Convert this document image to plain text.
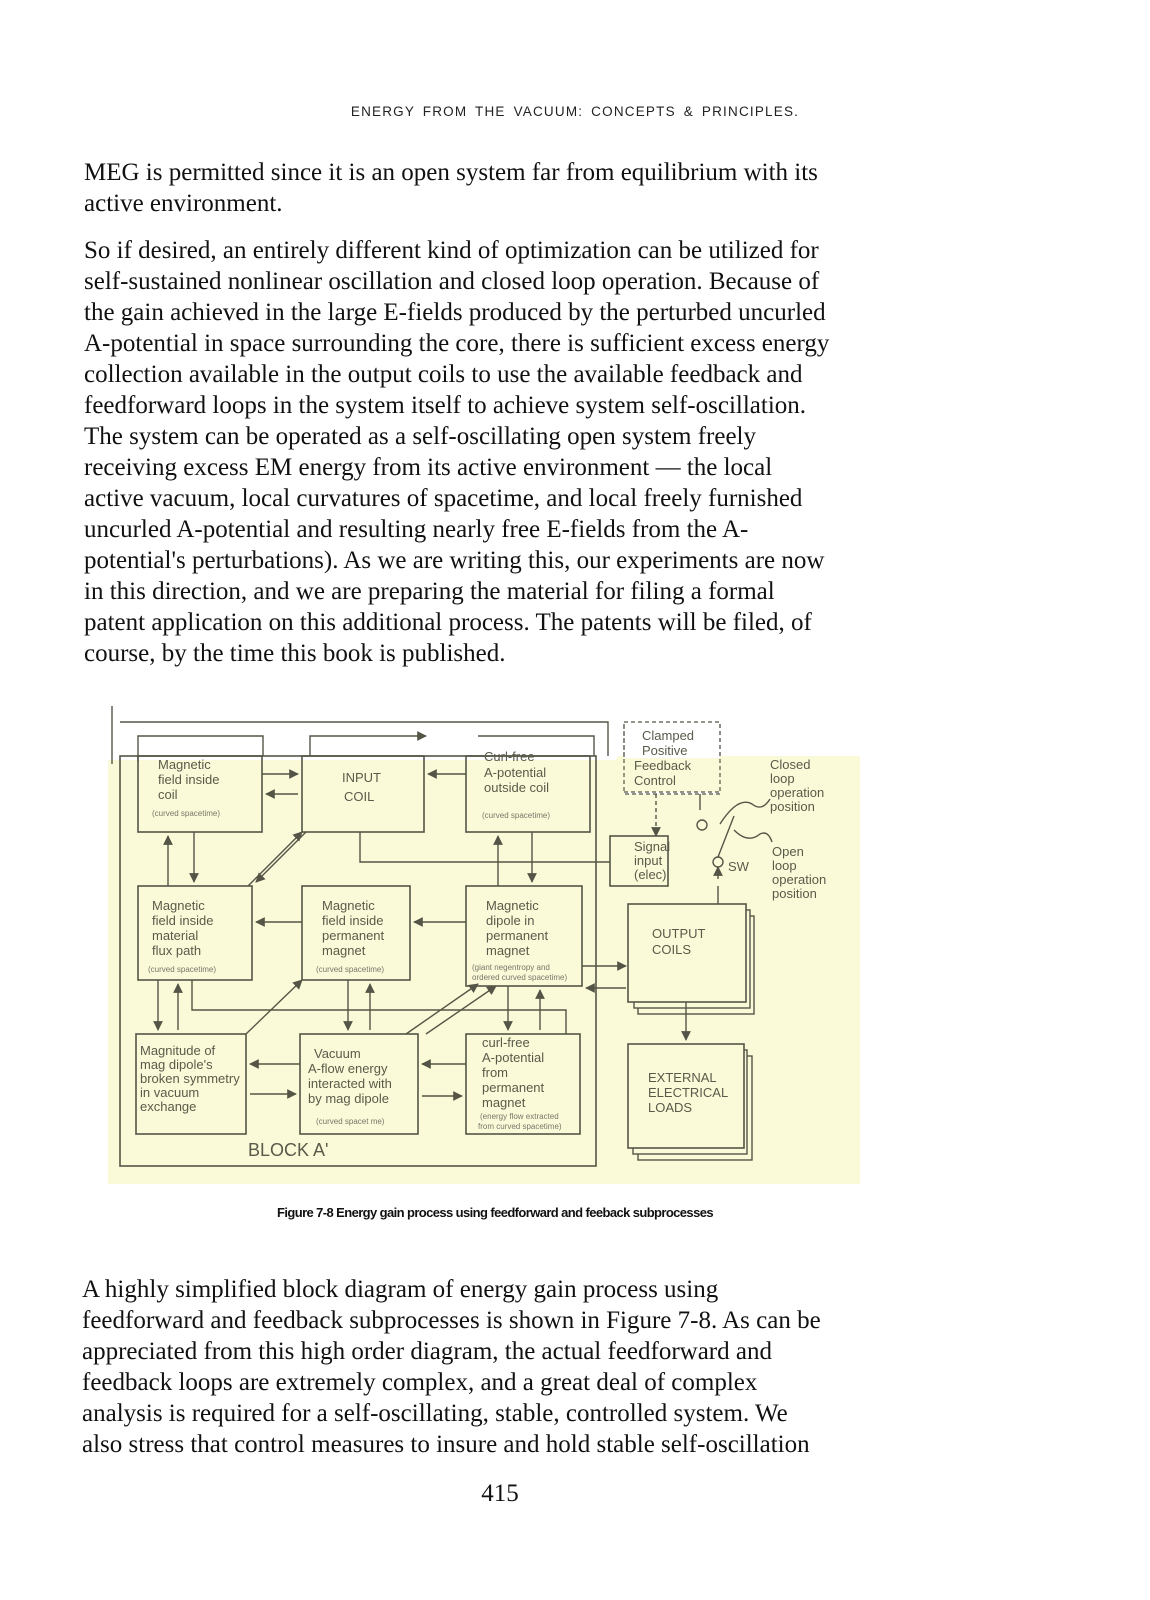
ENERGY FROM THE VACUUM: CONCEPTS & PRINCIPLES.

MEG is permitted since it is an open system far from equilibrium with its
active environment.

So if desired, an entirely different kind of optimization can be utilized for
self-sustained nonlinear oscillation and closed loop operation. Because of
the gain achieved in the large E-fields produced by the perturbed uncurled
A-potential in space surrounding the core, there is sufficient excess energy
collection available in the output coils to use the available feedback and
feedforward loops in the system itself to achieve system self-oscillation.
The system can be operated as a self-oscillating open system freely
receiving excess EM energy from its active environment — the local
active vacuum, local curvatures of spacetime, and local freely furnished
uncurled A-potential and resulting nearly free E-fields from the A-
potential's perturbations). As we are writing this, our experiments are now
in this direction, and we are preparing the material for filing a formal
patent application on this additional process. The patents will be filed, of
course, by the time this book is published.

Magnetic
field inside
coil
(curved spacetime)
INPUT
COIL
Curl-free
A-potential
outside coil
(curved spacetime)
Clamped
Positive
Feedback
Control
Closed
loop
operation
position
SW
Signal
input
(elec)
Open
loop
operation
position
Magnetic
field inside
material
flux path
(curved spacetime)
Magnetic
field inside
permanent
magnet
(curved spacetime)
Magnetic
dipole in
permanent
magnet
(giant negentropy and
ordered curved spacetime)
OUTPUT
COILS
Magnitude of
mag dipole's
broken symmetry
in vacuum
exchange
Vacuum
A-flow energy
interacted with
by mag dipole
(curved spacet me)
curl-free
A-potential
from
permanent
magnet
(energy flow extracted
from curved spacetime)
EXTERNAL
ELECTRICAL
LOADS
BLOCK A'
Figure 7-8 Energy gain process using feedforward and feeback subprocesses

A highly simplified block diagram of energy gain process using
feedforward and feedback subprocesses is shown in Figure 7-8. As can be
appreciated from this high order diagram, the actual feedforward and
feedback loops are extremely complex, and a great deal of complex
analysis is required for a self-oscillating, stable, controlled system. We
also stress that control measures to insure and hold stable self-oscillation

415
